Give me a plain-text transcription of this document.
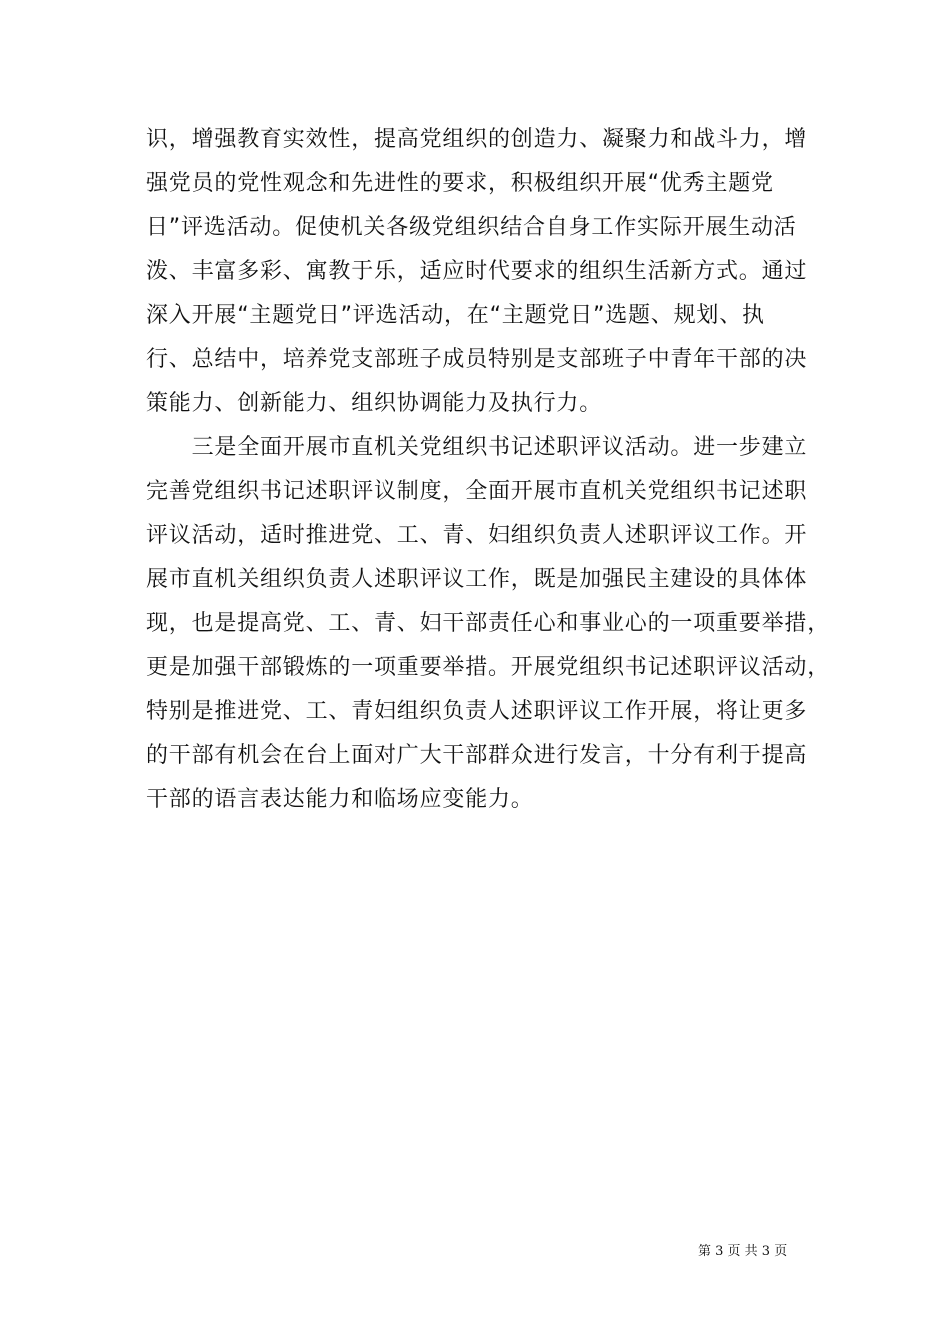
识，增强教育实效性，提高党组织的创造力、凝聚力和战斗力，增
强党员的党性观念和先进性的要求，积极组织开展“优秀主题党
日”评选活动。促使机关各级党组织结合自身工作实际开展生动活
泼、丰富多彩、寓教于乐，适应时代要求的组织生活新方式。通过
深入开展“主题党日”评选活动，在“主题党日”选题、规划、执
行、总结中，培养党支部班子成员特别是支部班子中青年干部的决
策能力、创新能力、组织协调能力及执行力。
　　三是全面开展市直机关党组织书记述职评议活动。进一步建立
完善党组织书记述职评议制度，全面开展市直机关党组织书记述职
评议活动，适时推进党、工、青、妇组织负责人述职评议工作。开
展市直机关组织负责人述职评议工作，既是加强民主建设的具体体
现，也是提高党、工、青、妇干部责任心和事业心的一项重要举措，
更是加强干部锻炼的一项重要举措。开展党组织书记述职评议活动，
特别是推进党、工、青妇组织负责人述职评议工作开展，将让更多
的干部有机会在台上面对广大干部群众进行发言，十分有利于提高
干部的语言表达能力和临场应变能力。
第 3 页 共 3 页
